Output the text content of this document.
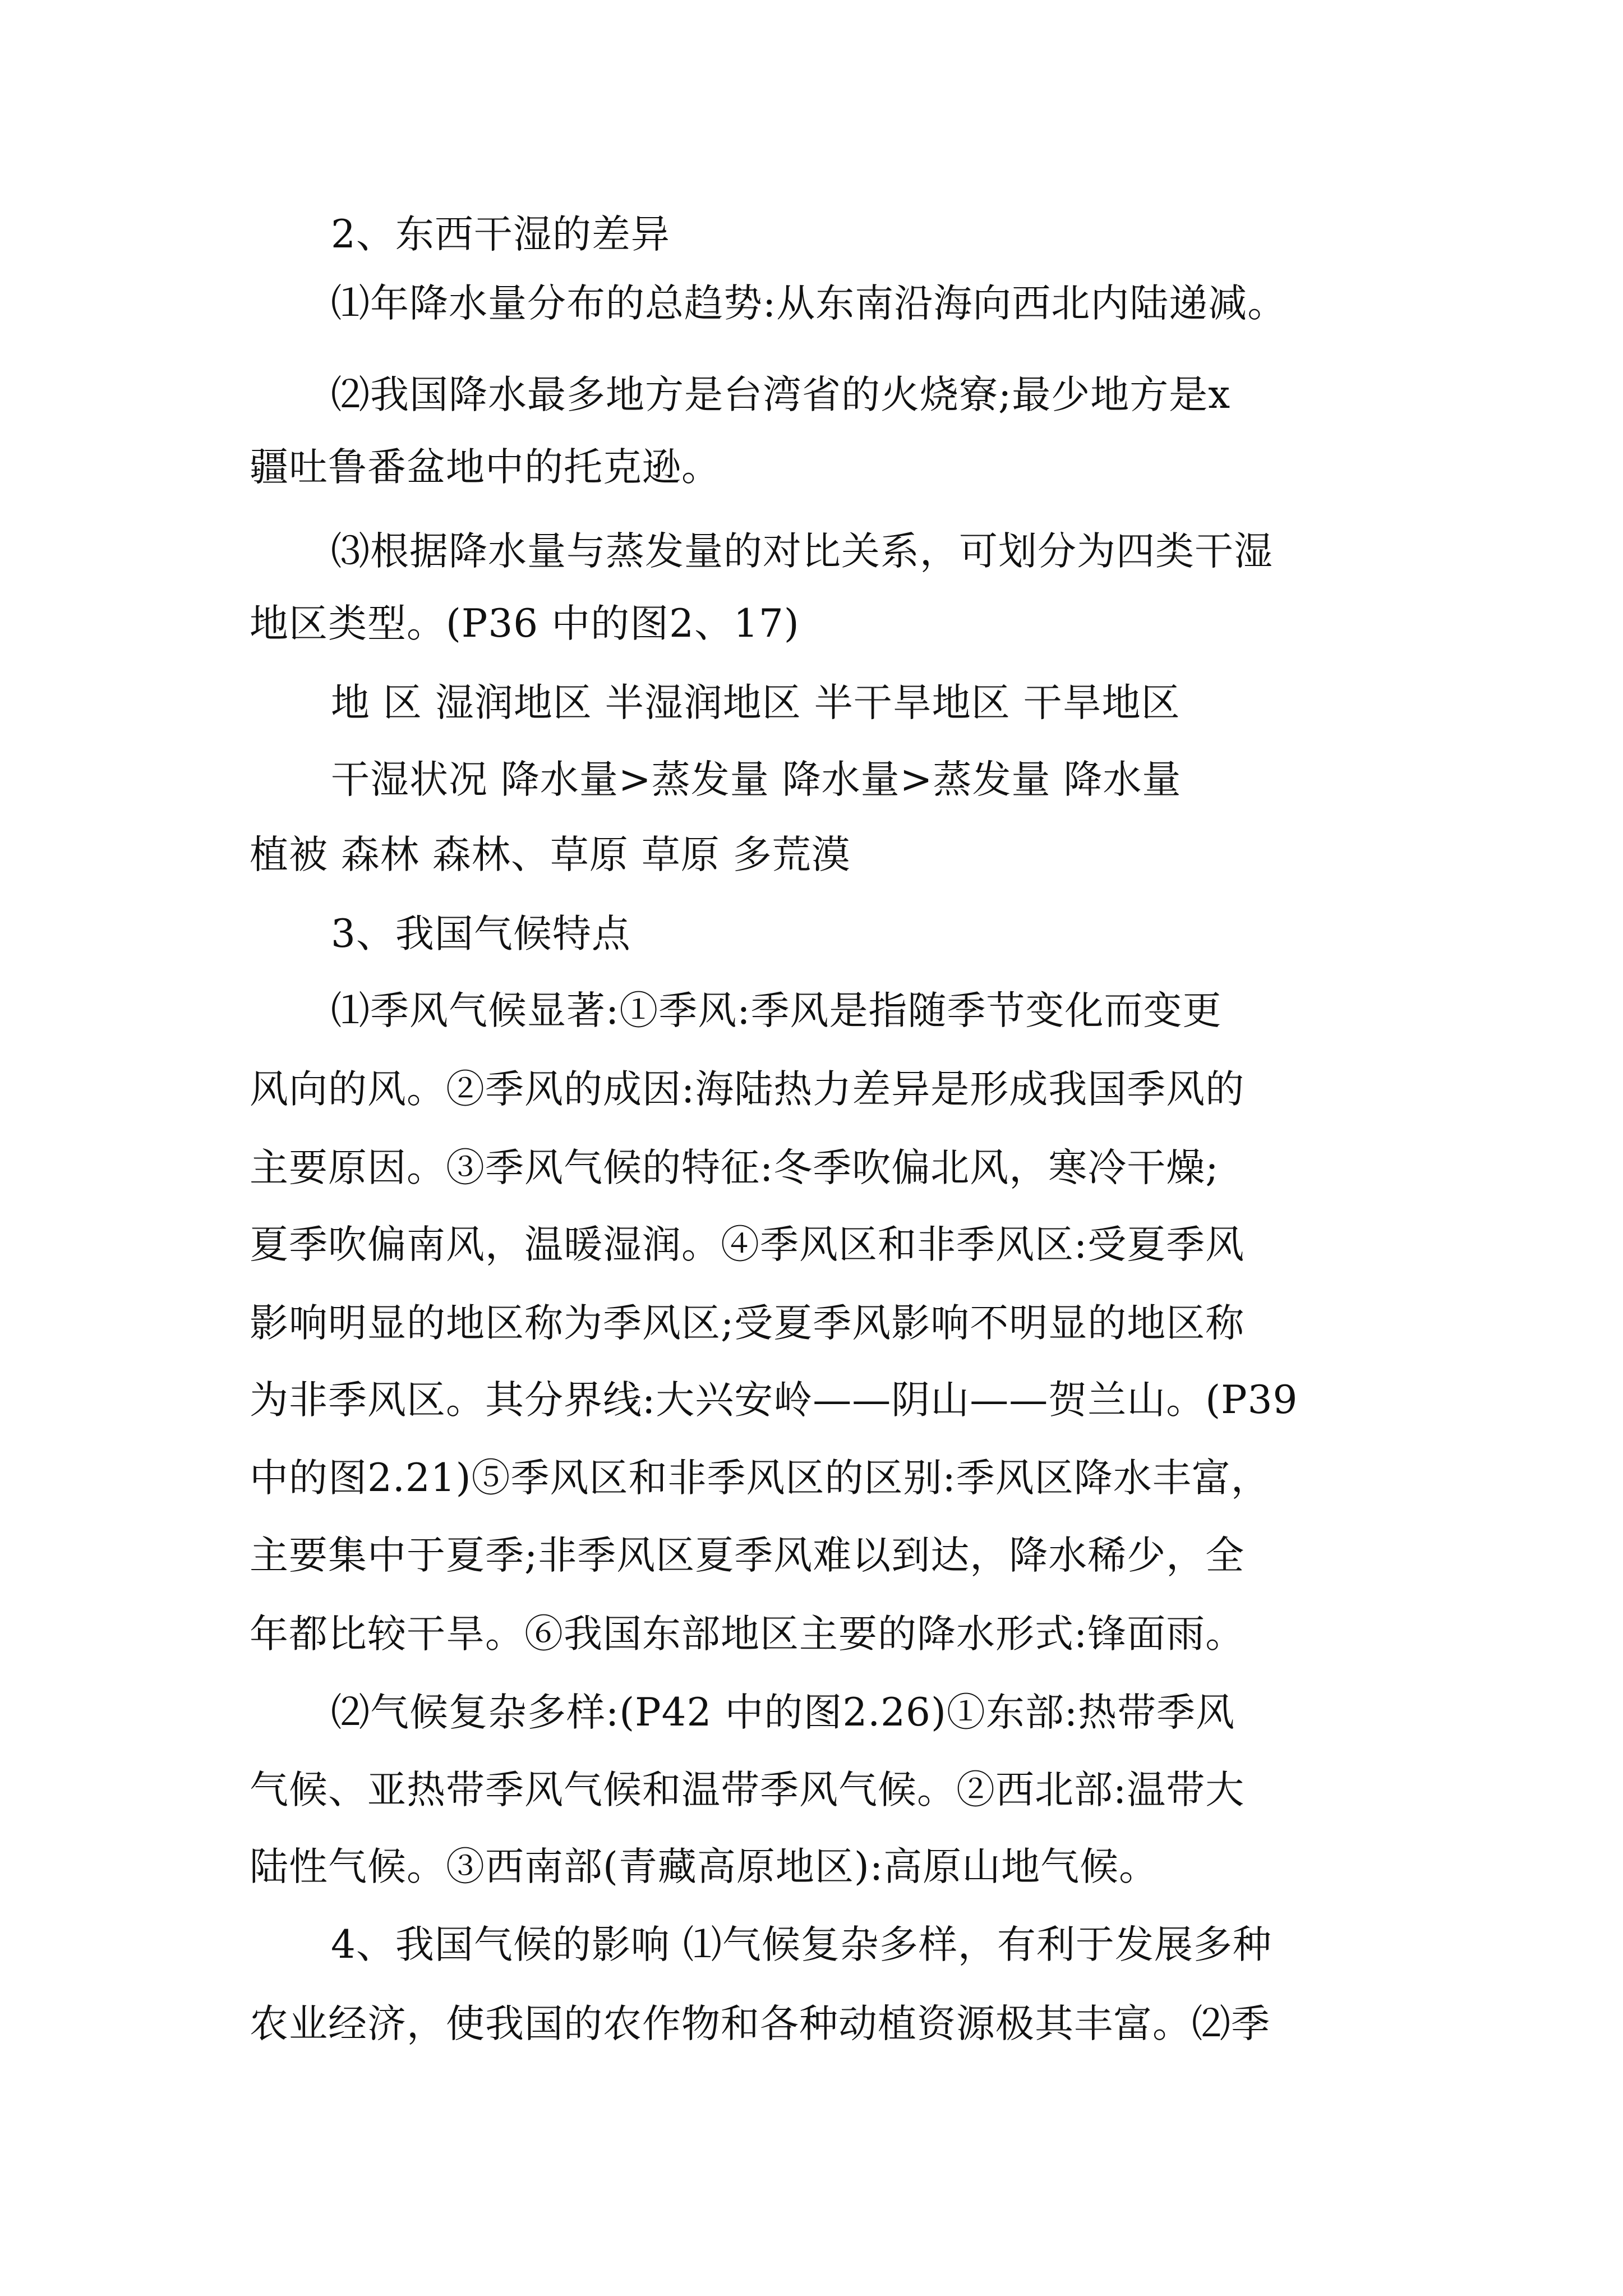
2、东西干湿的差异
⑴年降水量分布的总趋势:从东南沿海向西北内陆递减。
⑵我国降水最多地方是台湾省的火烧寮;最少地方是x
疆吐鲁番盆地中的托克逊。
⑶根据降水量与蒸发量的对比关系，可划分为四类干湿
地区类型。(P36 中的图2、17)
地 区 湿润地区 半湿润地区 半干旱地区 干旱地区
干湿状况 降水量>蒸发量 降水量>蒸发量 降水量
植被 森林 森林、草原 草原 多荒漠
3、我国气候特点
⑴季风气候显著:①季风:季风是指随季节变化而变更
风向的风。②季风的成因:海陆热力差异是形成我国季风的
主要原因。③季风气候的特征:冬季吹偏北风，寒冷干燥;
夏季吹偏南风，温暖湿润。④季风区和非季风区:受夏季风
影响明显的地区称为季风区;受夏季风影响不明显的地区称
为非季风区。其分界线:大兴安岭——阴山——贺兰山。(P39
中的图2.21)⑤季风区和非季风区的区别:季风区降水丰富，
主要集中于夏季;非季风区夏季风难以到达，降水稀少，全
年都比较干旱。⑥我国东部地区主要的降水形式:锋面雨。
⑵气候复杂多样:(P42 中的图2.26)①东部:热带季风
气候、亚热带季风气候和温带季风气候。②西北部:温带大
陆性气候。③西南部(青藏高原地区):高原山地气候。
4、我国气候的影响 ⑴气候复杂多样，有利于发展多种
农业经济，使我国的农作物和各种动植资源极其丰富。⑵季
